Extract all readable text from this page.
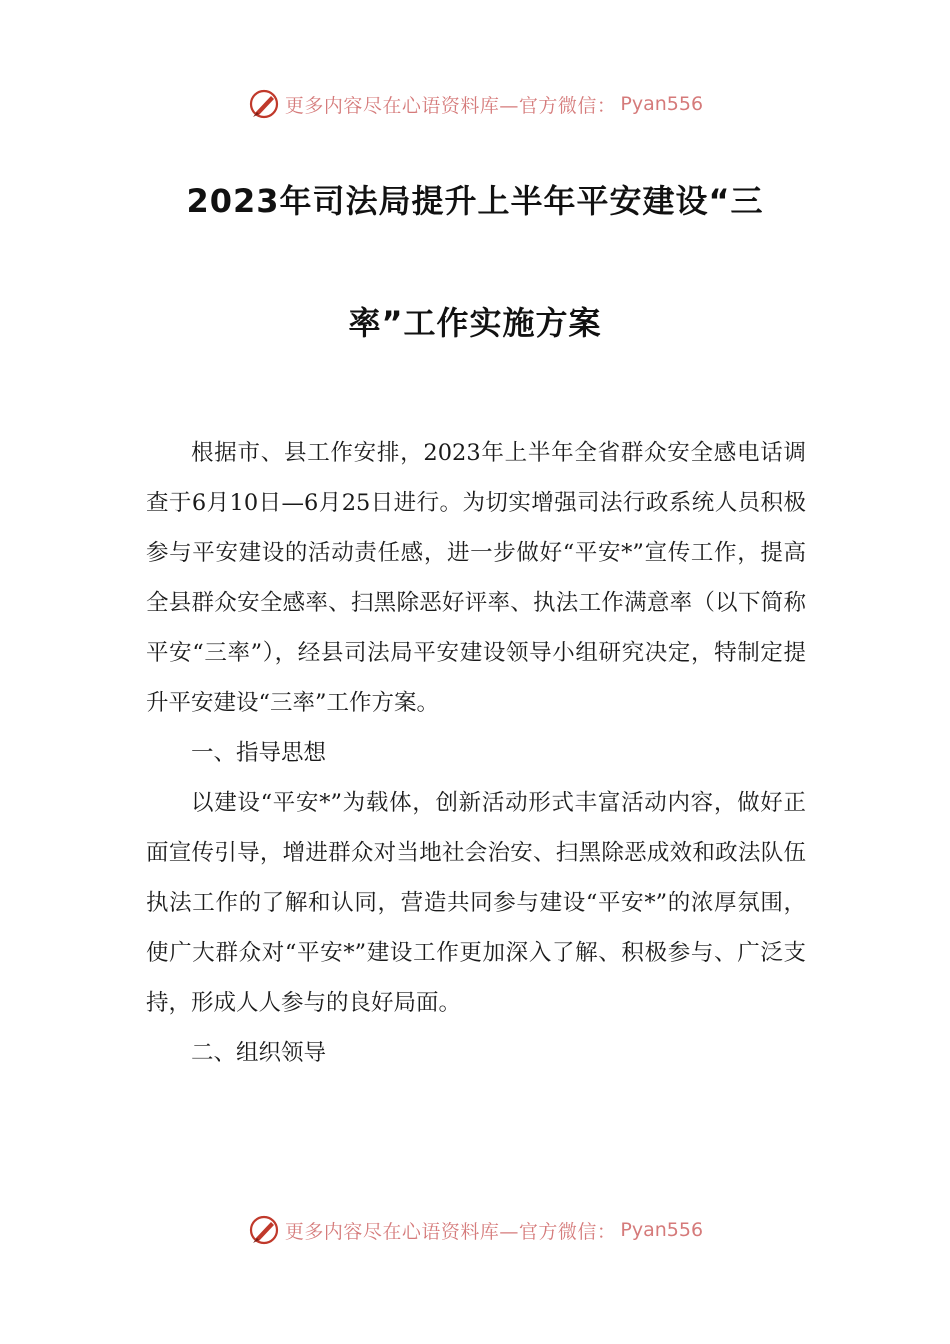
更多内容尽在心语资料库—官方微信： Pyan556
2023年司法局提升上半年平安建设“三
率”工作实施方案

根据市、县工作安排，2023年上半年全省群众安全感电话调查于6月10日—6月25日进行。为切实增强司法行政系统人员积极参与平安建设的活动责任感，进一步做好“平安*”宣传工作，提高全县群众安全感率、扫黑除恶好评率、执法工作满意率（以下简称平安“三率”），经县司法局平安建设领导小组研究决定，特制定提升平安建设“三率”工作方案。

一、指导思想

以建设“平安*”为载体，创新活动形式丰富活动内容，做好正面宣传引导，增进群众对当地社会治安、扫黑除恶成效和政法队伍执法工作的了解和认同，营造共同参与建设“平安*”的浓厚氛围，使广大群众对“平安*”建设工作更加深入了解、积极参与、广泛支持，形成人人参与的良好局面。

二、组织领导

更多内容尽在心语资料库—官方微信： Pyan556
